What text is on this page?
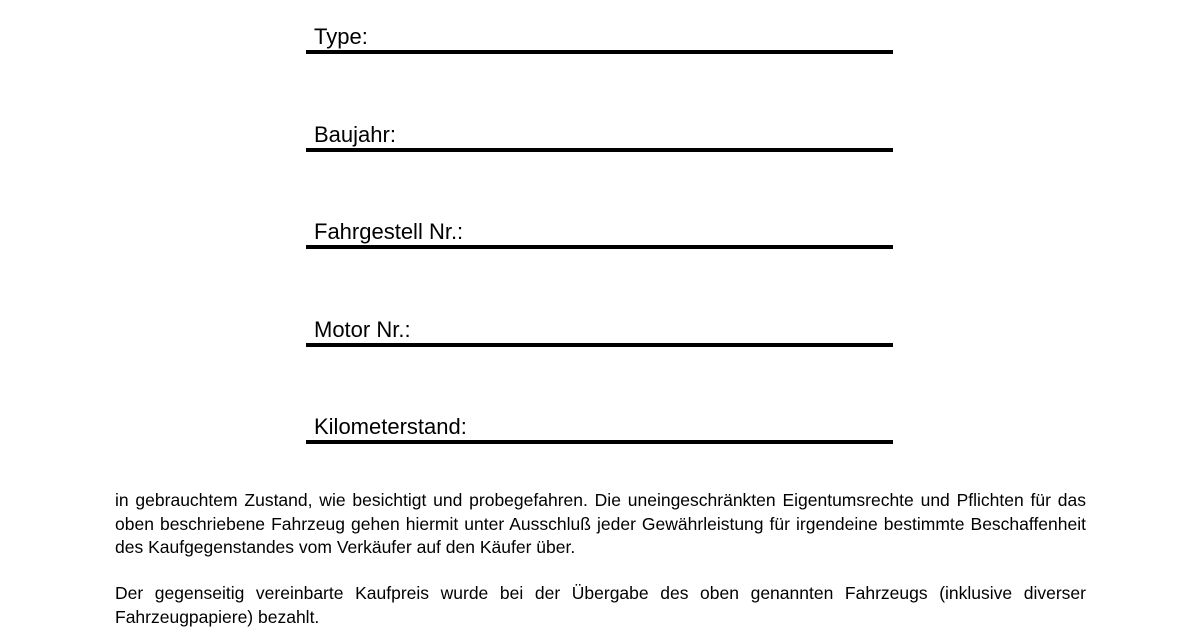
Type:
Baujahr:
Fahrgestell Nr.:
Motor Nr.:
Kilometerstand:

in gebrauchtem Zustand, wie besichtigt und probegefahren. Die uneingeschränkten Eigentumsrechte und Pflichten für das oben beschriebene Fahrzeug gehen hiermit unter Ausschluß jeder Gewährleistung für irgendeine bestimmte Beschaffenheit des Kaufgegenstandes vom Verkäufer auf den Käufer über.

Der gegenseitig vereinbarte Kaufpreis wurde bei der Übergabe des oben genannten Fahrzeugs (inklusive diverser Fahrzeugpapiere) bezahlt.
